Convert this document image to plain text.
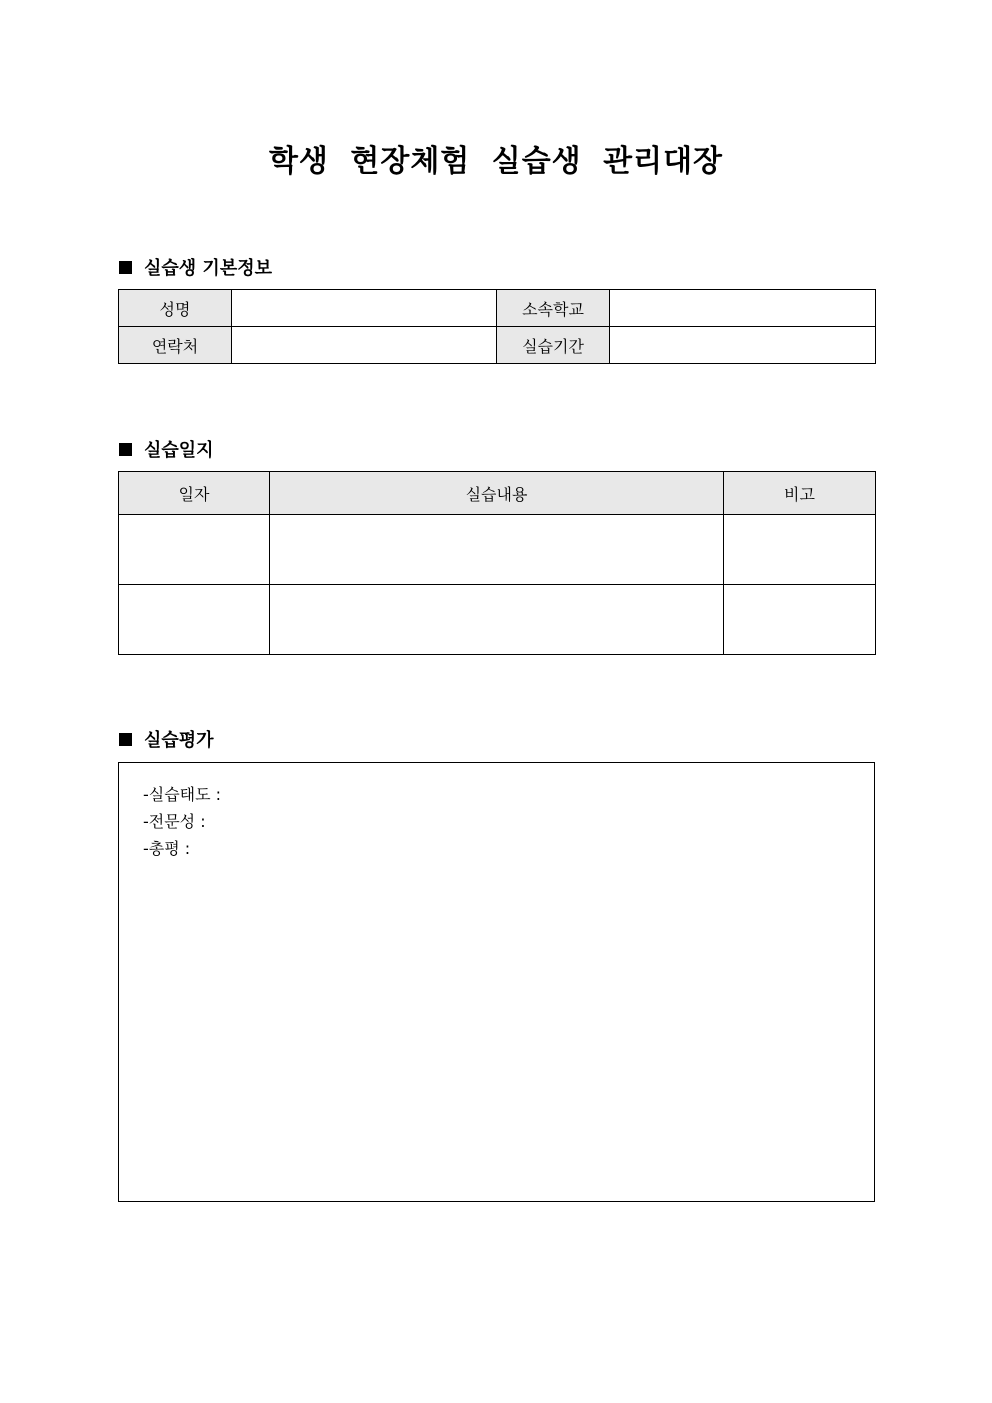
학생 현장체험 실습생 관리대장
실습생 기본정보
성명		소속학교	
연락처		실습기간	
실습일지
일자	실습내용	비고

실습평가
-실습태도 :
-전문성 :
-총평 :
